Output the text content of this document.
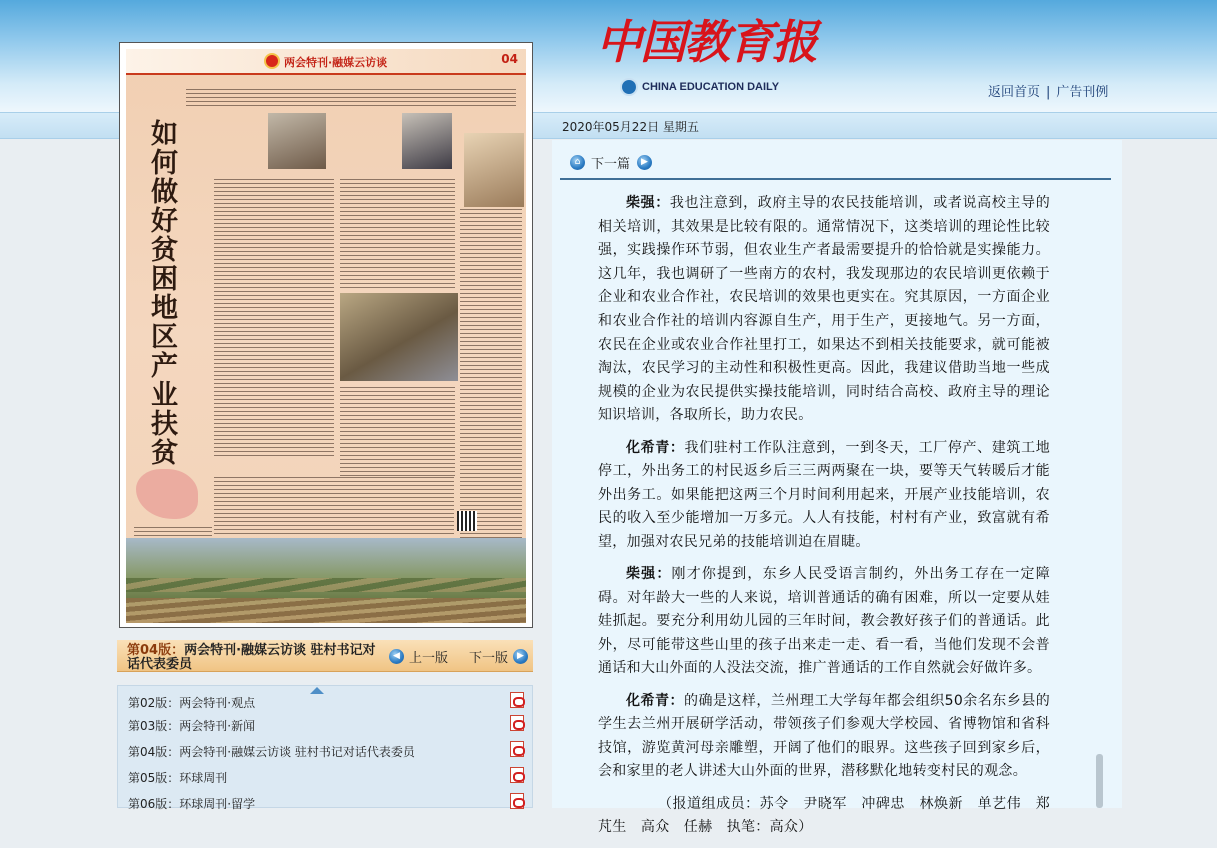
中国教育报
CHINA EDUCATION DAILY	返回首页 | 广告刊例
2020年05月22日 星期五
两会特刊·融媒云访谈	04
如何做好贫困地区产业扶贫
第04版：两会特刊·融媒云访谈 驻村书记对话代表委员
◀ 上一版 下一版	▶
第02版：两会特刊·观点
第03版：两会特刊·新闻
第04版：两会特刊·融媒云访谈 驻村书记对话代表委员
第05版：环球周刊
第06版：环球周刊·留学
⌂ 下一篇	▶

柴强：我也注意到，政府主导的农民技能培训，或者说高校主导的相关培训，其效果是比较有限的。通常情况下，这类培训的理论性比较强，实践操作环节弱，但农业生产者最需要提升的恰恰就是实操能力。这几年，我也调研了一些南方的农村，我发现那边的农民培训更依赖于企业和农业合作社，农民培训的效果也更实在。究其原因，一方面企业和农业合作社的培训内容源自生产，用于生产，更接地气。另一方面，农民在企业或农业合作社里打工，如果达不到相关技能要求，就可能被淘汰，农民学习的主动性和积极性更高。因此，我建议借助当地一些成规模的企业为农民提供实操技能培训，同时结合高校、政府主导的理论知识培训，各取所长，助力农民。

化希青：我们驻村工作队注意到，一到冬天，工厂停产、建筑工地停工，外出务工的村民返乡后三三两两聚在一块，要等天气转暖后才能外出务工。如果能把这两三个月时间利用起来，开展产业技能培训，农民的收入至少能增加一万多元。人人有技能，村村有产业，致富就有希望，加强对农民兄弟的技能培训迫在眉睫。

柴强：刚才你提到，东乡人民受语言制约，外出务工存在一定障碍。对年龄大一些的人来说，培训普通话的确有困难，所以一定要从娃娃抓起。要充分利用幼儿园的三年时间，教会教好孩子们的普通话。此外，尽可能带这些山里的孩子出来走一走、看一看，当他们发现不会普通话和大山外面的人没法交流，推广普通话的工作自然就会好做许多。

化希青：的确是这样，兰州理工大学每年都会组织50余名东乡县的学生去兰州开展研学活动，带领孩子们参观大学校园、省博物馆和省科技馆，游览黄河母亲雕塑，开阔了他们的眼界。这些孩子回到家乡后，会和家里的老人讲述大山外面的世界，潜移默化地转变村民的观念。

（报道组成员：苏令　尹晓军　冲碑忠　林焕新　单艺伟　郑芃生　高众　任赫　执笔：高众）
